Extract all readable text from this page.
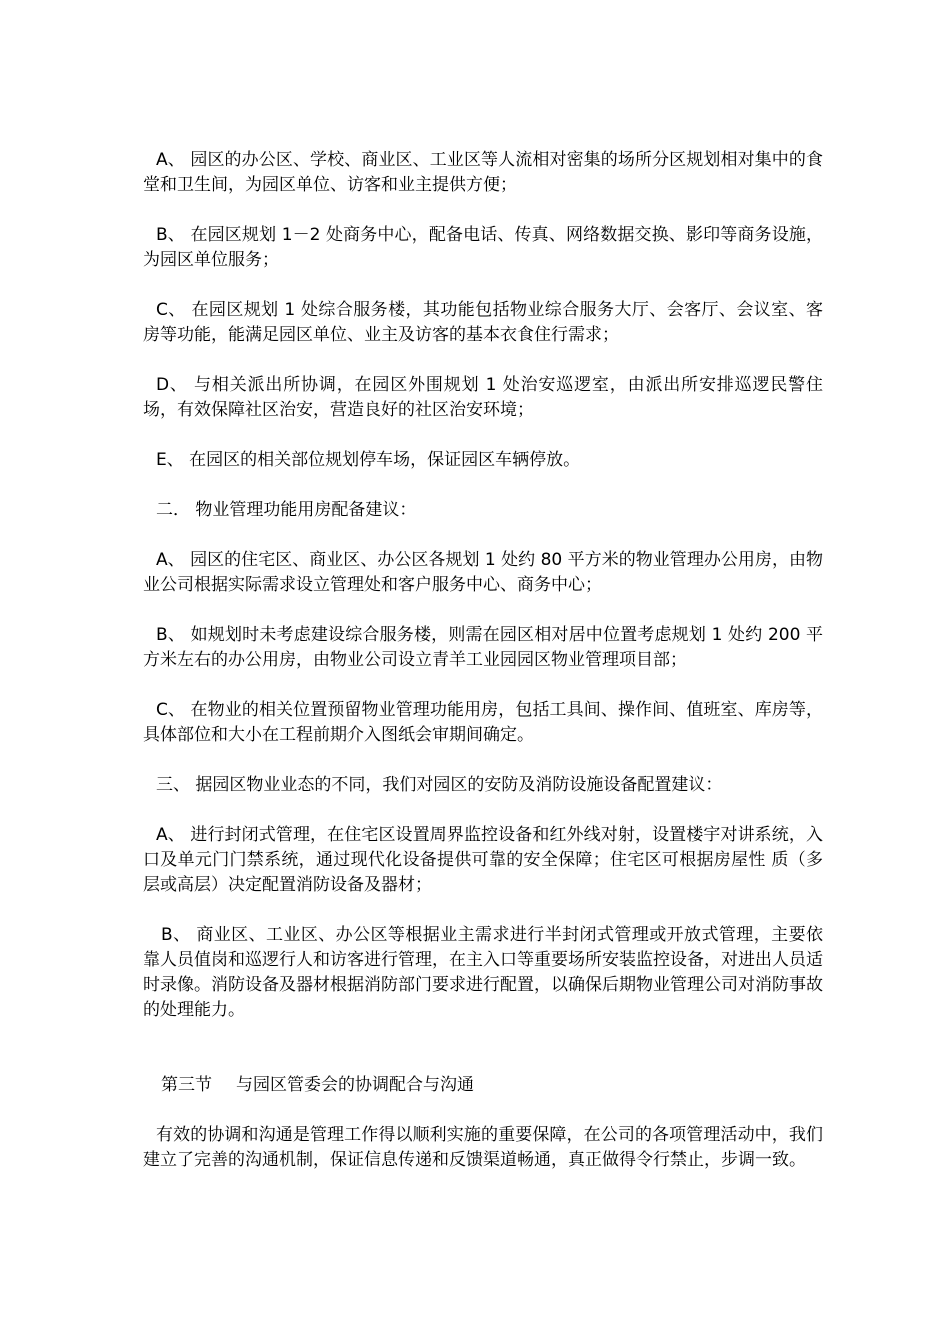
A、 园区的办公区、学校、商业区、工业区等人流相对密集的场所分区规划相对集中的食堂和卫生间，为园区单位、访客和业主提供方便；

B、 在园区规划 1－2 处商务中心，配备电话、传真、网络数据交换、影印等商务设施，为园区单位服务；

C、 在园区规划 1 处综合服务楼，其功能包括物业综合服务大厅、会客厅、会议室、客房等功能，能满足园区单位、业主及访客的基本衣食住行需求；

D、 与相关派出所协调，在园区外围规划 1 处治安巡逻室，由派出所安排巡逻民警住场，有效保障社区治安，营造良好的社区治安环境；

E、 在园区的相关部位规划停车场，保证园区车辆停放。

二． 物业管理功能用房配备建议：

A、 园区的住宅区、商业区、办公区各规划 1 处约 80 平方米的物业管理办公用房，由物业公司根据实际需求设立管理处和客户服务中心、商务中心；

B、 如规划时未考虑建设综合服务楼，则需在园区相对居中位置考虑规划 1 处约 200 平方米左右的办公用房，由物业公司设立青羊工业园园区物业管理项目部；

C、 在物业的相关位置预留物业管理功能用房，包括工具间、操作间、值班室、库房等，具体部位和大小在工程前期介入图纸会审期间确定。

三、 据园区物业业态的不同，我们对园区的安防及消防设施设备配置建议：

A、 进行封闭式管理，在住宅区设置周界监控设备和红外线对射，设置楼宇对讲系统，入口及单元门门禁系统，通过现代化设备提供可靠的安全保障；住宅区可根据房屋性 质（多层或高层）决定配置消防设备及器材；

B、 商业区、工业区、办公区等根据业主需求进行半封闭式管理或开放式管理，主要依靠人员值岗和巡逻行人和访客进行管理，在主入口等重要场所安装监控设备，对进出人员适时录像。消防设备及器材根据消防部门要求进行配置，以确保后期物业管理公司对消防事故的处理能力。

第三节 与园区管委会的协调配合与沟通

有效的协调和沟通是管理工作得以顺利实施的重要保障，在公司的各项管理活动中，我们建立了完善的沟通机制，保证信息传递和反馈渠道畅通，真正做得令行禁止，步调一致。
